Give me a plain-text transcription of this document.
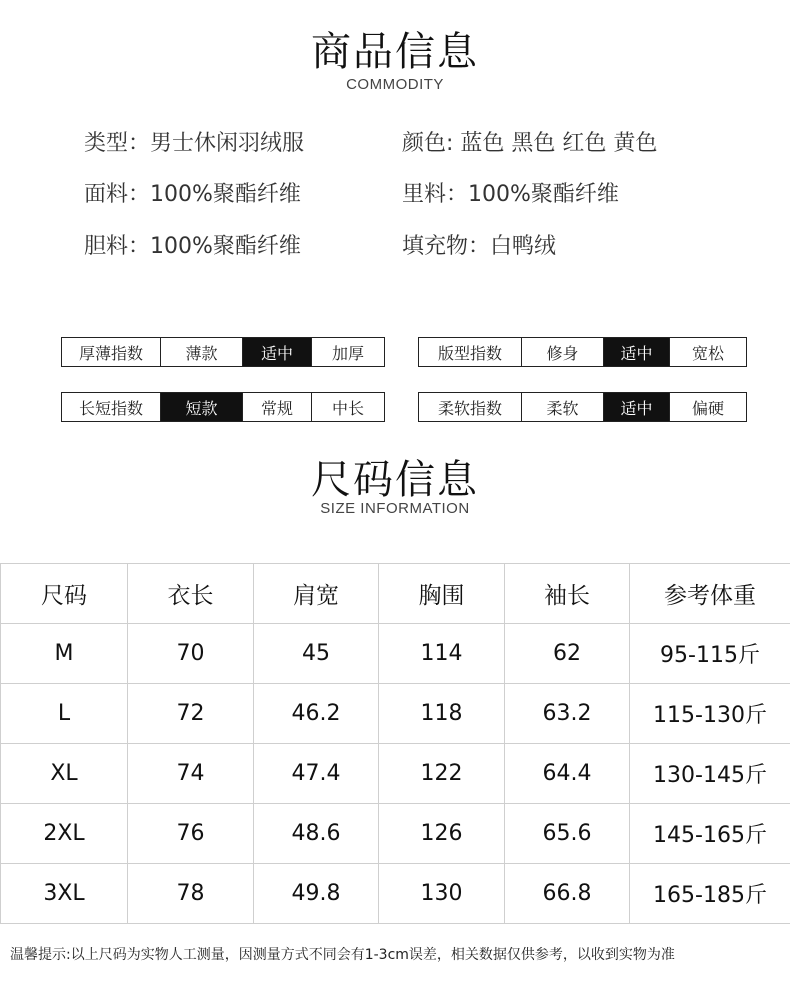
商品信息
COMMODITY
类型：男士休闲羽绒服	颜色: 蓝色 黑色 红色 黄色
面料：100%聚酯纤维	里料：100%聚酯纤维
胆料：100%聚酯纤维	填充物：白鸭绒
厚薄指数	薄款	适中	加厚	版型指数	修身	适中	宽松
长短指数	短款	常规	中长	柔软指数	柔软	适中	偏硬
尺码信息
SIZE INFORMATION
尺码	衣长	肩宽	胸围	袖长	参考体重
M	70	45	114	62	95-115斤
L	72	46.2	118	63.2	115-130斤
XL	74	47.4	122	64.4	130-145斤
2XL	76	48.6	126	65.6	145-165斤
3XL	78	49.8	130	66.8	165-185斤
温馨提示:以上尺码为实物人工测量，因测量方式不同会有1-3cm误差，相关数据仅供参考，以收到实物为准
